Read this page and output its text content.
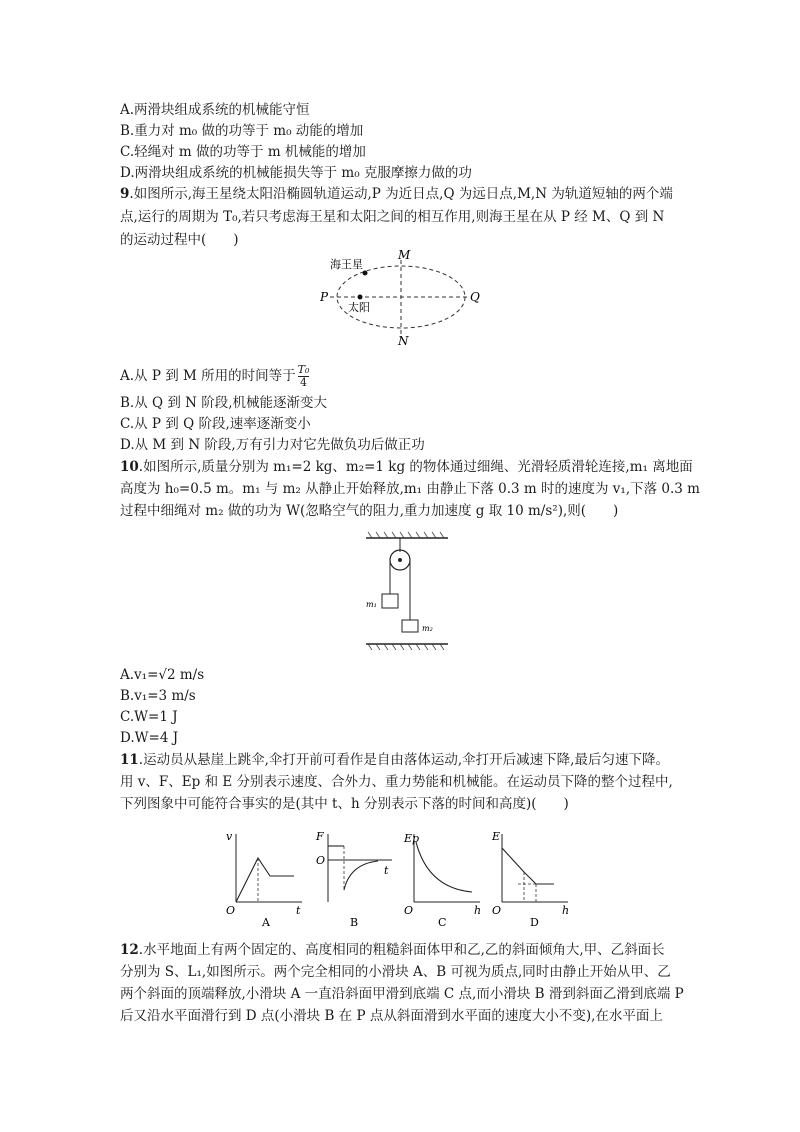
A.两滑块组成系统的机械能守恒
B.重力对 m₀ 做的功等于 m₀ 动能的增加
C.轻绳对 m 做的功等于 m 机械能的增加
D.两滑块组成系统的机械能损失等于 m₀ 克服摩擦力做的功
9.如图所示,海王星绕太阳沿椭圆轨道运动,P 为近日点,Q 为远日点,M,N 为轨道短轴的两个端
点,运行的周期为 T₀,若只考虑海王星和太阳之间的相互作用,则海王星在从 P 经 M、Q 到 N
的运动过程中(　　)
海王星
太阳
P	Q
M
N
A.从 P 到 M 所用的时间等于 $\frac{\text{T₀}}{4}$
B.从 Q 到 N 阶段,机械能逐渐变大
C.从 P 到 Q 阶段,速率逐渐变小
D.从 M 到 N 阶段,万有引力对它先做负功后做正功
10.如图所示,质量分别为 m₁=2 kg、m₂=1 kg 的物体通过细绳、光滑轻质滑轮连接,m₁ 离地面
高度为 h₀=0.5 m。m₁ 与 m₂ 从静止开始释放,m₁ 由静止下落 0.3 m 时的速度为 v₁,下落 0.3 m
过程中细绳对 m₂ 做的功为 W(忽略空气的阻力,重力加速度 g 取 10 m/s²),则(　　)
m₁
m₂
A.v₁=√2 m/s
B.v₁=3 m/s
C.W=1 J
D.W=4 J
11.运动员从悬崖上跳伞,伞打开前可看作是自由落体运动,伞打开后减速下降,最后匀速下降。
用 v、F、Ep 和 E 分别表示速度、合外力、重力势能和机械能。在运动员下降的整个过程中,
下列图象中可能符合事实的是(其中 t、h 分别表示下落的时间和高度)(　　)
v
t
O
A
F
t
O
B
Ep
h
O
C
E
h
O
D
12.水平地面上有两个固定的、高度相同的粗糙斜面体甲和乙,乙的斜面倾角大,甲、乙斜面长
分别为 S、L₁,如图所示。两个完全相同的小滑块 A、B 可视为质点,同时由静止开始从甲、乙
两个斜面的顶端释放,小滑块 A 一直沿斜面甲滑到底端 C 点,而小滑块 B 滑到斜面乙滑到底端 P
后又沿水平面滑行到 D 点(小滑块 B 在 P 点从斜面滑到水平面的速度大小不变),在水平面上
